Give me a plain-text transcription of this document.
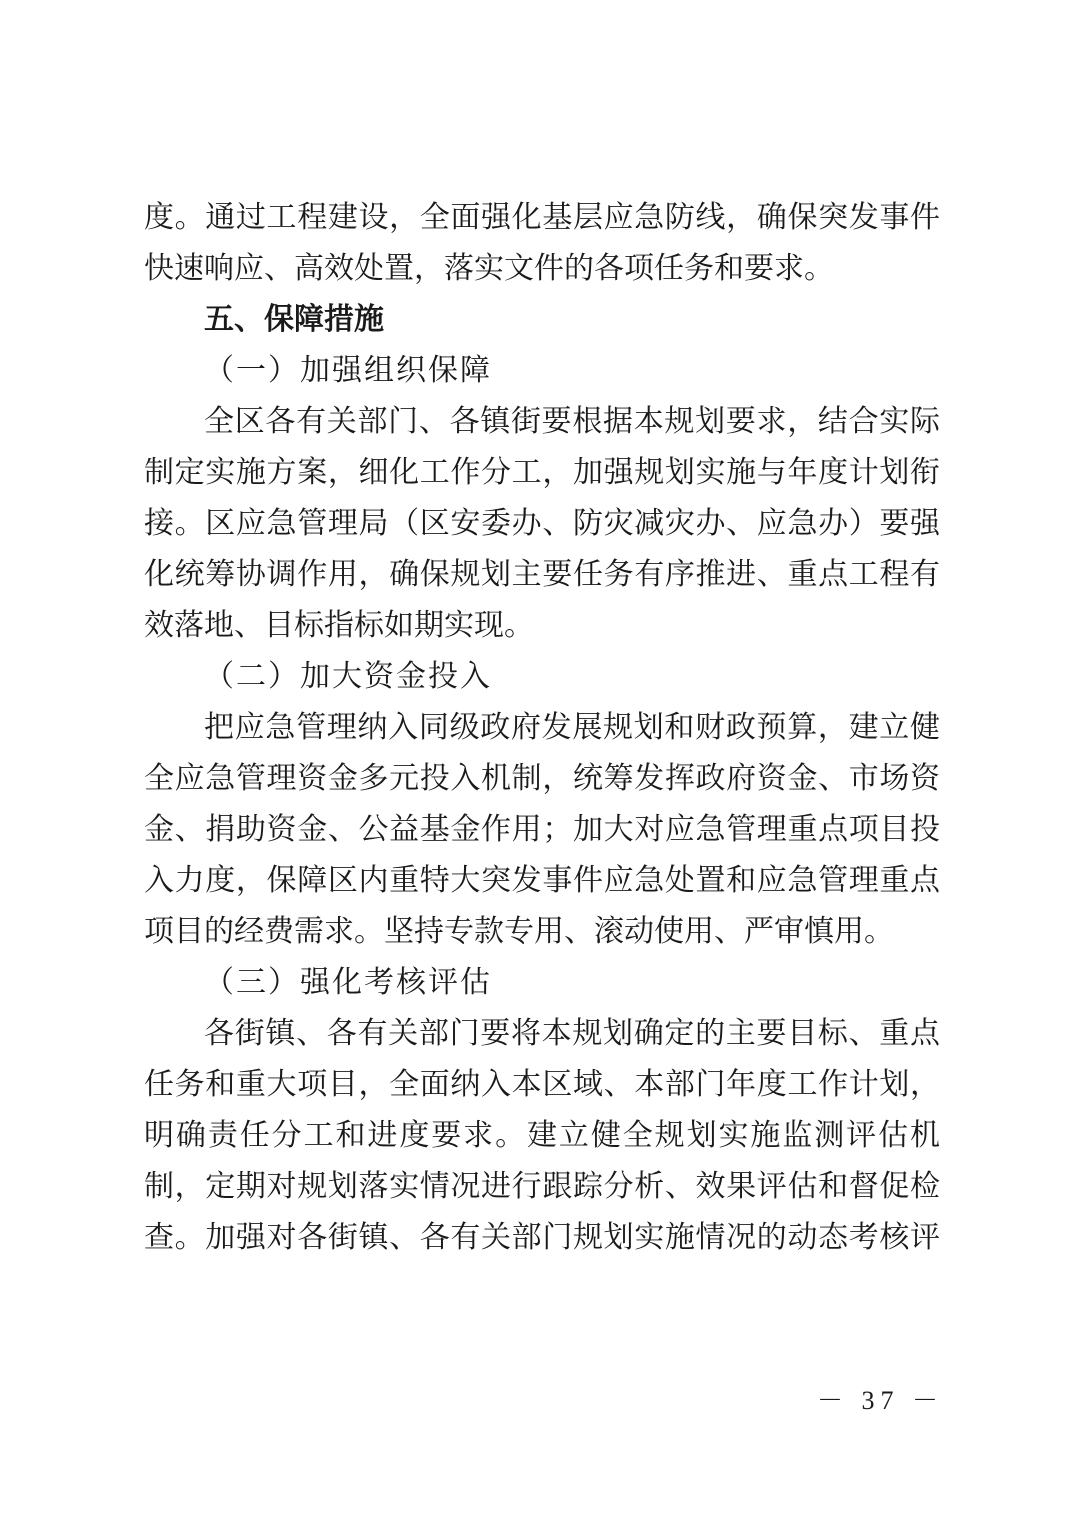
度。通过工程建设，全面强化基层应急防线，确保突发事件
快速响应、高效处置，落实文件的各项任务和要求。
五、保障措施
（一）加强组织保障
全区各有关部门、各镇街要根据本规划要求，结合实际
制定实施方案，细化工作分工，加强规划实施与年度计划衔
接。区应急管理局（区安委办、防灾减灾办、应急办）要强
化统筹协调作用，确保规划主要任务有序推进、重点工程有
效落地、目标指标如期实现。
（二）加大资金投入
把应急管理纳入同级政府发展规划和财政预算，建立健
全应急管理资金多元投入机制，统筹发挥政府资金、市场资
金、捐助资金、公益基金作用；加大对应急管理重点项目投
入力度，保障区内重特大突发事件应急处置和应急管理重点
项目的经费需求。坚持专款专用、滚动使用、严审慎用。
（三）强化考核评估
各街镇、各有关部门要将本规划确定的主要目标、重点
任务和重大项目，全面纳入本区域、本部门年度工作计划，
明确责任分工和进度要求。建立健全规划实施监测评估机
制，定期对规划落实情况进行跟踪分析、效果评估和督促检
查。加强对各街镇、各有关部门规划实施情况的动态考核评
－ 37 －
